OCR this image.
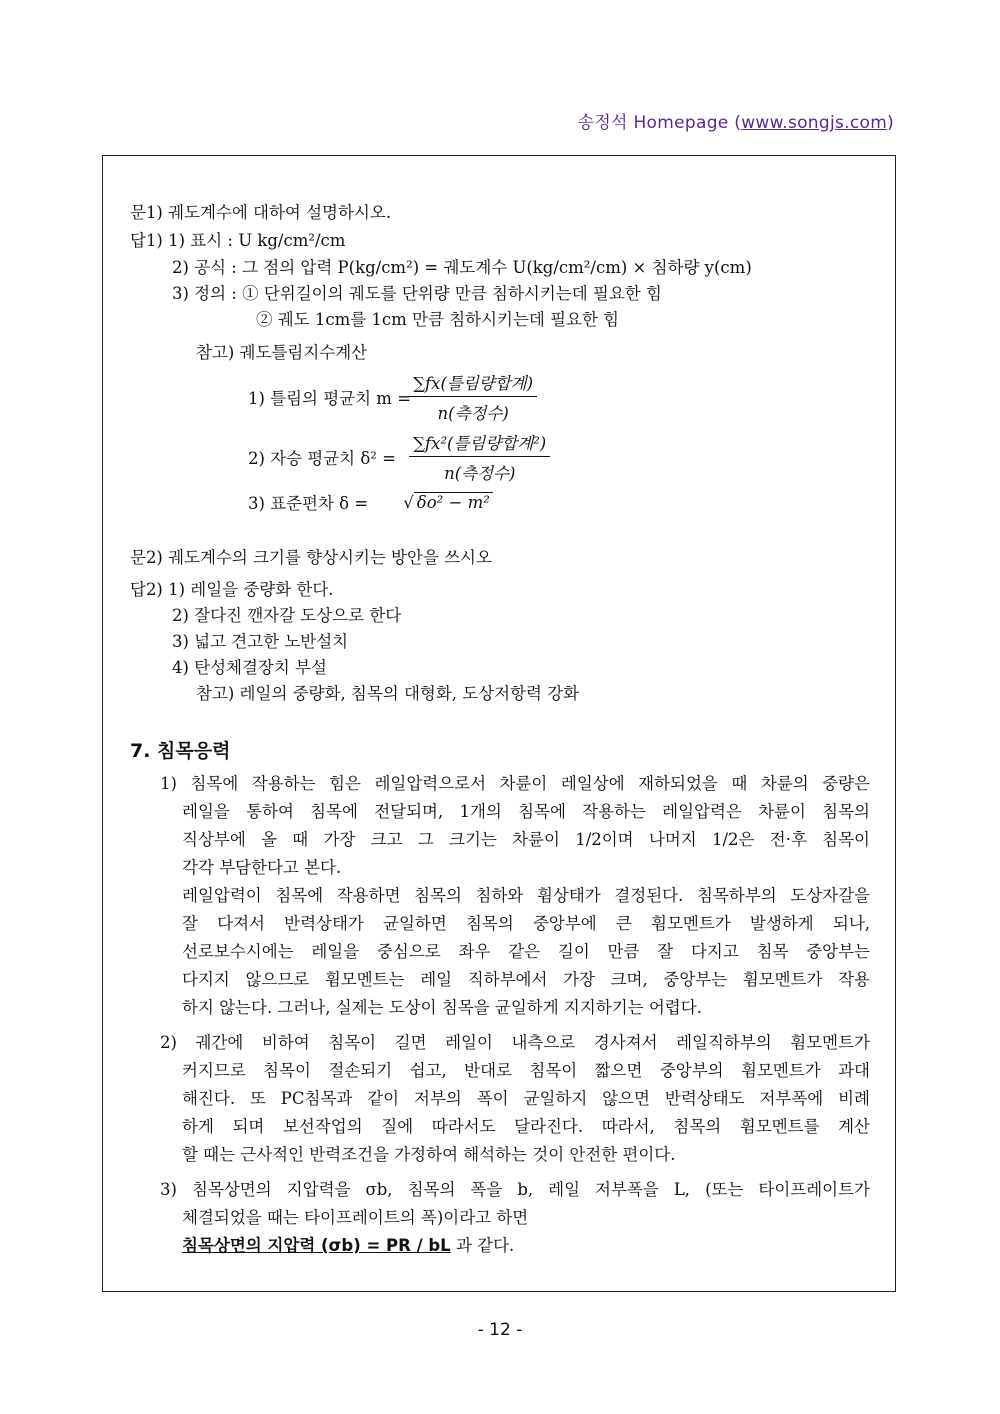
송정석 Homepage (www.songjs.com)
문1) 궤도계수에 대하여 설명하시오.
답1) 1) 표시 : U kg/cm²/cm
2) 공식 : 그 점의 압력 P(kg/cm²) = 궤도계수 U(kg/cm²/cm) × 침하량 y(cm)
3) 정의 : ① 단위길이의 궤도를 단위량 만큼 침하시키는데 필요한 힘
② 궤도 1cm를 1cm 만큼 침하시키는데 필요한 힘
참고) 궤도틀림지수계산
1) 틀림의 평균치 m =
$\frac{\text{∑fx(틀림량합계)}}{\text{n(측정수)}}$
2) 자승 평균치 $\delta^2 = \frac{\text{∑fx²(틀림량합계²)}}{\text{n(측정수)}}$
3) 표준편차 δ = √ δo² − m²
문2) 궤도계수의 크기를 향상시키는 방안을 쓰시오
답2) 1) 레일을 중량화 한다.
2) 잘다진 깬자갈 도상으로 한다
3) 넓고 견고한 노반설치
4) 탄성체결장치 부설
참고) 레일의 중량화, 침목의 대형화, 도상저항력 강화
7. 침목응력
1) 침목에 작용하는 힘은 레일압력으로서 차륜이 레일상에 재하되었을 때 차륜의 중량은
레일을 통하여 침목에 전달되며, 1개의 침목에 작용하는 레일압력은 차륜이 침목의
직상부에 올 때 가장 크고 그 크기는 차륜이 1/2이며 나머지 1/2은 전·후 침목이
각각 부담한다고 본다.
레일압력이 침목에 작용하면 침목의 침하와 휨상태가 결정된다. 침목하부의 도상자갈을
잘 다져서 반력상태가 균일하면 침목의 중앙부에 큰 휨모멘트가 발생하게 되나,
선로보수시에는 레일을 중심으로 좌우 같은 길이 만큼 잘 다지고 침목 중앙부는
다지지 않으므로 휨모멘트는 레일 직하부에서 가장 크며, 중앙부는 휨모멘트가 작용
하지 않는다. 그러나, 실제는 도상이 침목을 균일하게 지지하기는 어렵다.
2) 궤간에 비하여 침목이 길면 레일이 내측으로 경사져서 레일직하부의 휨모멘트가
커지므로 침목이 절손되기 쉽고, 반대로 침목이 짧으면 중앙부의 휨모멘트가 과대
해진다. 또 PC침목과 같이 저부의 폭이 균일하지 않으면 반력상태도 저부폭에 비례
하게 되며 보선작업의 질에 따라서도 달라진다. 따라서, 침목의 휨모멘트를 계산
할 때는 근사적인 반력조건을 가정하여 해석하는 것이 안전한 편이다.
3) 침목상면의 지압력을 σb, 침목의 폭을 b, 레일 저부폭을 L, (또는 타이프레이트가
체결되었을 때는 타이프레이트의 폭)이라고 하면
침목상면의 지압력 (σb) = PR / bL 과 같다.
- 12 -
